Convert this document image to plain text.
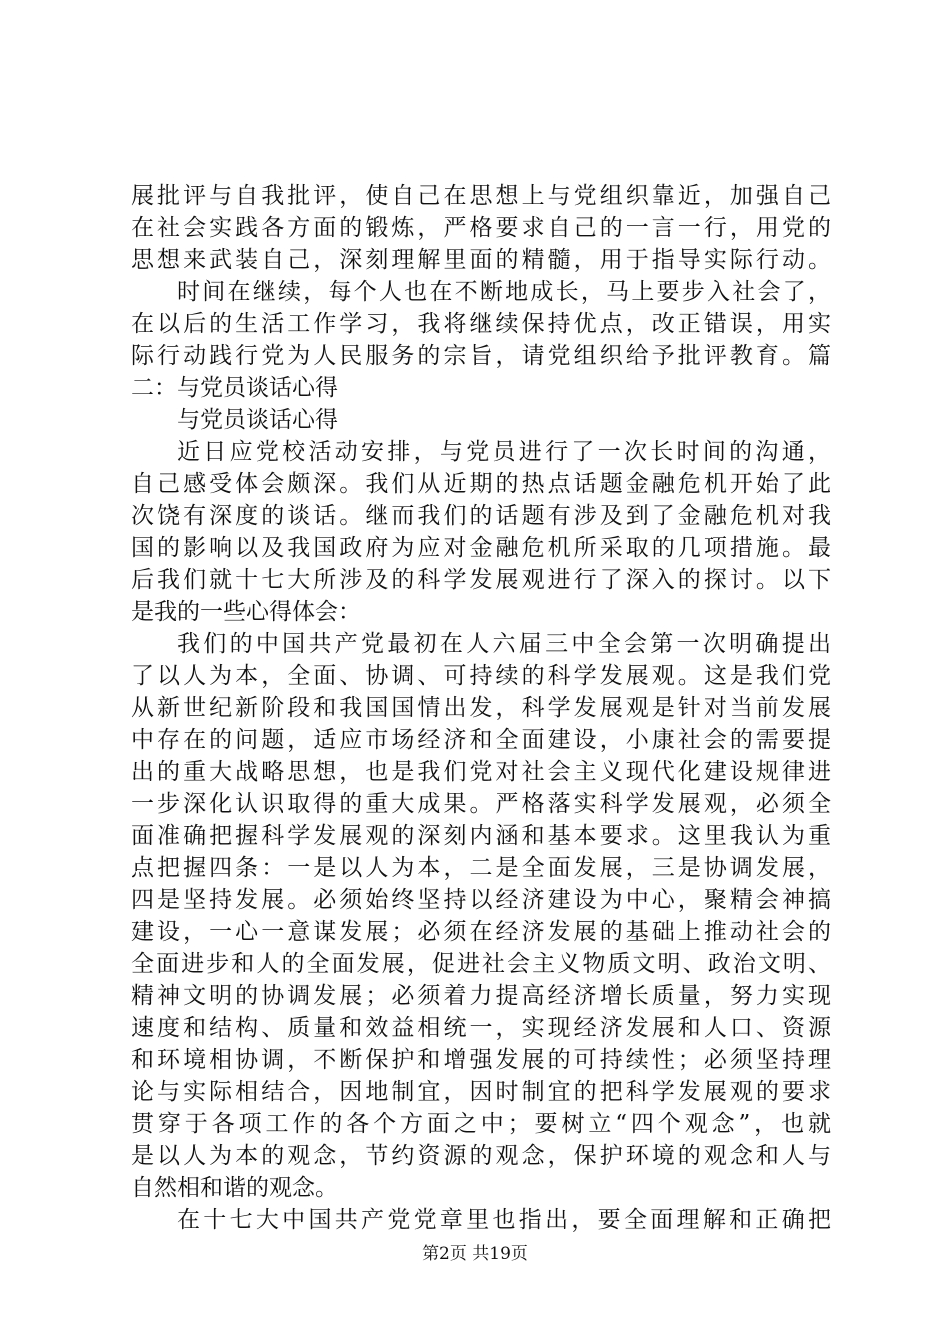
展批评与自我批评，使自己在思想上与党组织靠近，加强自己
在社会实践各方面的锻炼，严格要求自己的一言一行，用党的
思想来武装自己，深刻理解里面的精髓，用于指导实际行动。
时间在继续，每个人也在不断地成长，马上要步入社会了，
在以后的生活工作学习，我将继续保持优点，改正错误，用实
际行动践行党为人民服务的宗旨，请党组织给予批评教育。篇
二：与党员谈话心得
与党员谈话心得
近日应党校活动安排，与党员进行了一次长时间的沟通，
自己感受体会颇深。我们从近期的热点话题金融危机开始了此
次饶有深度的谈话。继而我们的话题有涉及到了金融危机对我
国的影响以及我国政府为应对金融危机所采取的几项措施。最
后我们就十七大所涉及的科学发展观进行了深入的探讨。以下
是我的一些心得体会：
我们的中国共产党最初在人六届三中全会第一次明确提出
了以人为本，全面、协调、可持续的科学发展观。这是我们党
从新世纪新阶段和我国国情出发，科学发展观是针对当前发展
中存在的问题，适应市场经济和全面建设，小康社会的需要提
出的重大战略思想，也是我们党对社会主义现代化建设规律进
一步深化认识取得的重大成果。严格落实科学发展观，必须全
面准确把握科学发展观的深刻内涵和基本要求。这里我认为重
点把握四条：一是以人为本，二是全面发展，三是协调发展，
四是坚持发展。必须始终坚持以经济建设为中心，聚精会神搞
建设，一心一意谋发展；必须在经济发展的基础上推动社会的
全面进步和人的全面发展，促进社会主义物质文明、政治文明、
精神文明的协调发展；必须着力提高经济增长质量，努力实现
速度和结构、质量和效益相统一，实现经济发展和人口、资源
和环境相协调，不断保护和增强发展的可持续性；必须坚持理
论与实际相结合，因地制宜，因时制宜的把科学发展观的要求
贯穿于各项工作的各个方面之中；要树立“四个观念”，也就
是以人为本的观念，节约资源的观念，保护环境的观念和人与
自然相和谐的观念。
在十七大中国共产党党章里也指出，要全面理解和正确把
第2页 共19页
